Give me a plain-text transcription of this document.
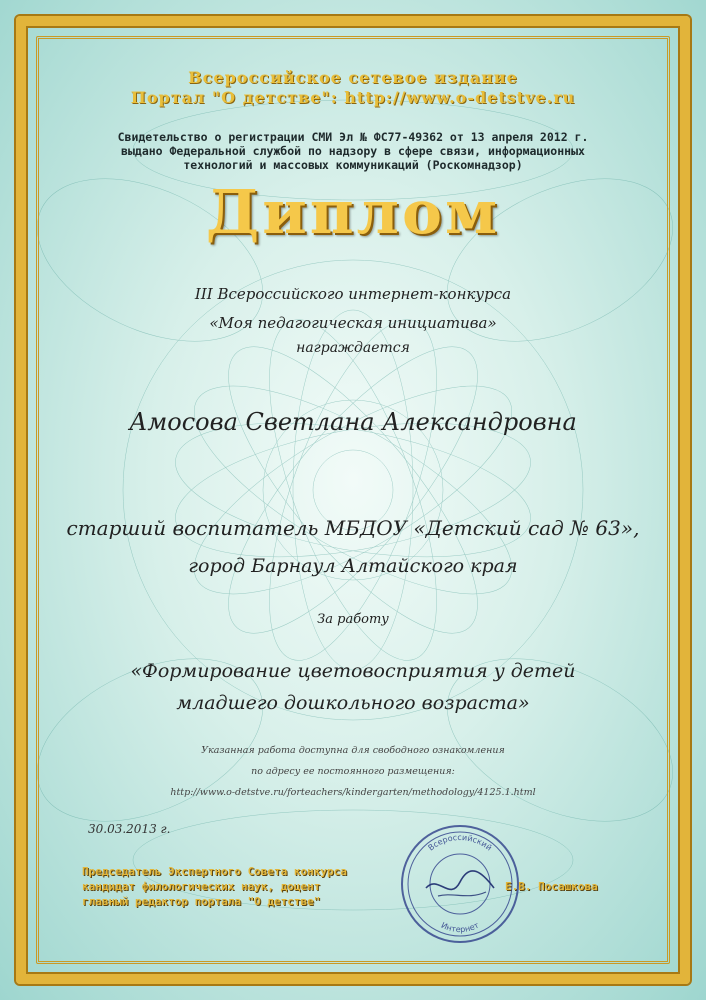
Всероссийское сетевое издание
Портал "О детстве": http://www.o-detstve.ru
Свидетельство о регистрации СМИ Эл № ФС77-49362 от 13 апреля 2012 г.
выдано Федеральной службой по надзору в сфере связи, информационных
технологий и массовых коммуникаций (Роскомнадзор)
Диплом
III Всероссийского интернет-конкурса
«Моя педагогическая инициатива»
награждается
Амосова Светлана Александровна
старший воспитатель МБДОУ «Детский сад № 63»,
город Барнаул Алтайского края
За работу
«Формирование цветовосприятия у детей
младшего дошкольного возраста»
Указанная работа доступна для свободного ознакомления
по адресу ее постоянного размещения:
http://www.o-detstve.ru/forteachers/kindergarten/methodology/4125.1.html
30.03.2013 г.
Председатель Экспертного Совета конкурса
кандидат филологических наук, доцент
главный редактор портала "О детстве"
Е.В. Посашкова
Всероссийский
Интернет
